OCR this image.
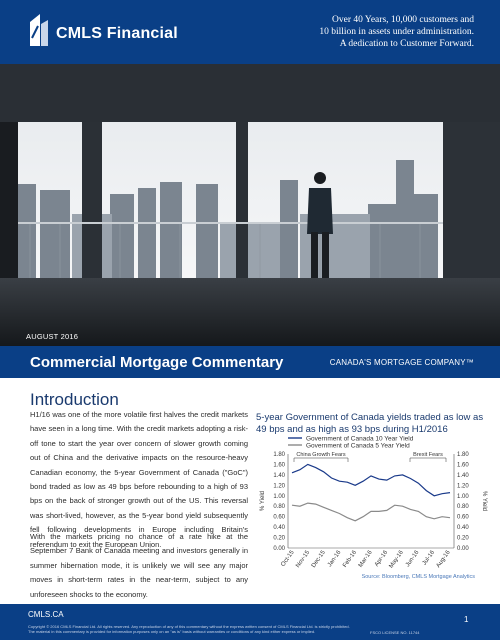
CMLS Financial
Over 40 Years, 10,000 customers and
10 billion in assets under administration.
A dedication to Customer Forward.
AUGUST 2016
Commercial Mortgage Commentary	CANADA'S MORTGAGE COMPANY™
Introduction

H1/16 was one of the more volatile first halves the credit markets have seen in a long time. With the credit markets adopting a risk-off tone to start the year over concern of slower growth coming out of China and the derivative impacts on the resource-heavy Canadian economy, the 5-year Government of Canada ("GoC") bond traded as low as 49 bps before rebounding to a high of 93 bps on the back of stronger growth out of the US. This reversal was short-lived, however, as the 5-year bond yield subsequently fell following developments in Europe including Britain's referendum to exit the European Union.

With the markets pricing no chance of a rate hike at the September 7 Bank of Canada meeting and investors generally in summer hibernation mode, it is unlikely we will see any major moves in short-term rates in the near-term, subject to any unforeseen shocks to the economy.

5-year Government of Canada yields traded as low as 49 bps and as high as 93 bps during H1/2016
Government of Canada 10 Year Yield
Government of Canada 5 Year Yield
0.00	0.00
0.20	0.20
0.40	0.40
0.60	0.60
0.80	0.80
1.00	1.00
1.20	1.20
1.40	1.40
1.60	1.60
1.80	1.80
% Yield	% Yield
Oct-15 Nov-15 Dec-15 Jan-16 Feb-16 Mar-16 Apr-16 May-16 Jun-16 Jul-16 Aug-16
China Growth Fears	Brexit Fears
Source: Bloomberg, CMLS Mortgage Analytics
CMLS.CA
Copyright © 2016 CMLS Financial Ltd. All rights reserved. Any reproduction of any of this commentary without the express written consent of CMLS Financial Ltd. is strictly prohibited.
The material in this commentary is provided for information purposes only on an "as is" basis without warranties or conditions of any kind either express or implied.	FSCO LICENSE NO. 11744
1
